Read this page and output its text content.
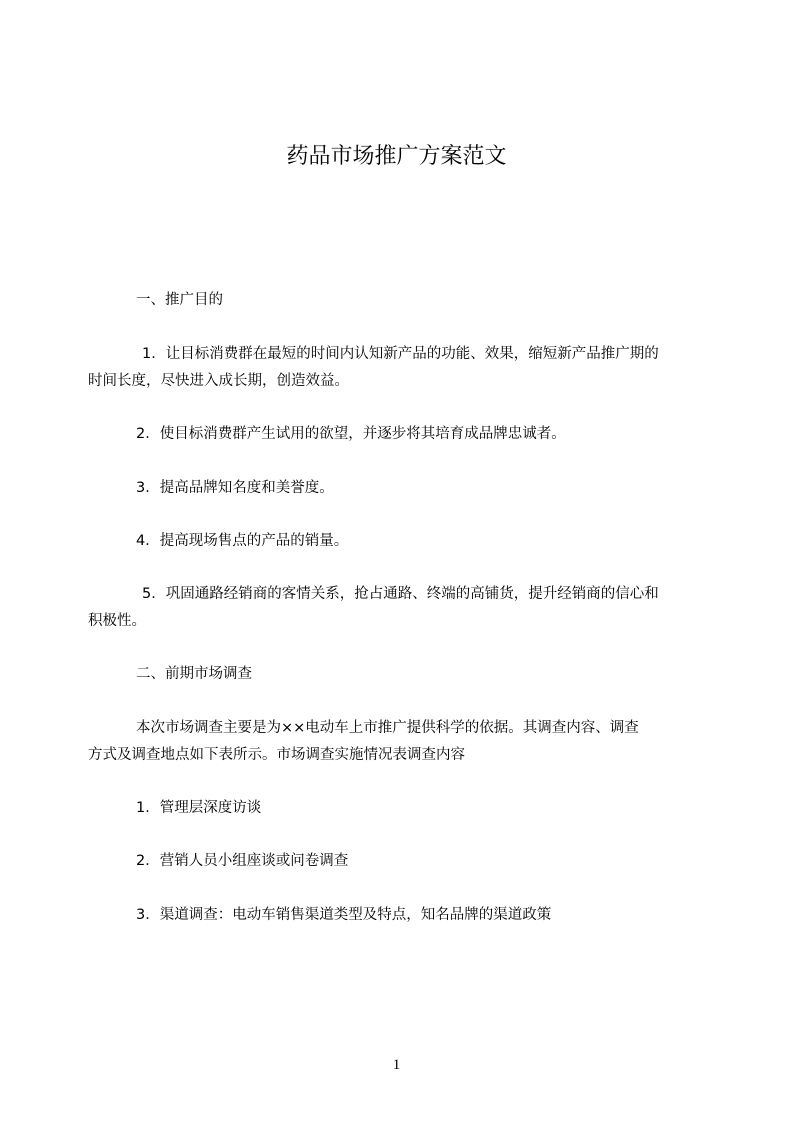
药品市场推广方案范文
一、推广目的
1．让目标消费群在最短的时间内认知新产品的功能、效果，缩短新产品推广期的
时间长度，尽快进入成长期，创造效益。
2．使目标消费群产生试用的欲望，并逐步将其培育成品牌忠诚者。
3．提高品牌知名度和美誉度。
4．提高现场售点的产品的销量。
5．巩固通路经销商的客情关系，抢占通路、终端的高铺货，提升经销商的信心和
积极性。
二、前期市场调查
本次市场调查主要是为××电动车上市推广提供科学的依据。其调查内容、调查
方式及调查地点如下表所示。市场调查实施情况表调查内容
1．管理层深度访谈
2．营销人员小组座谈或问卷调查
3．渠道调查：电动车销售渠道类型及特点，知名品牌的渠道政策
1
